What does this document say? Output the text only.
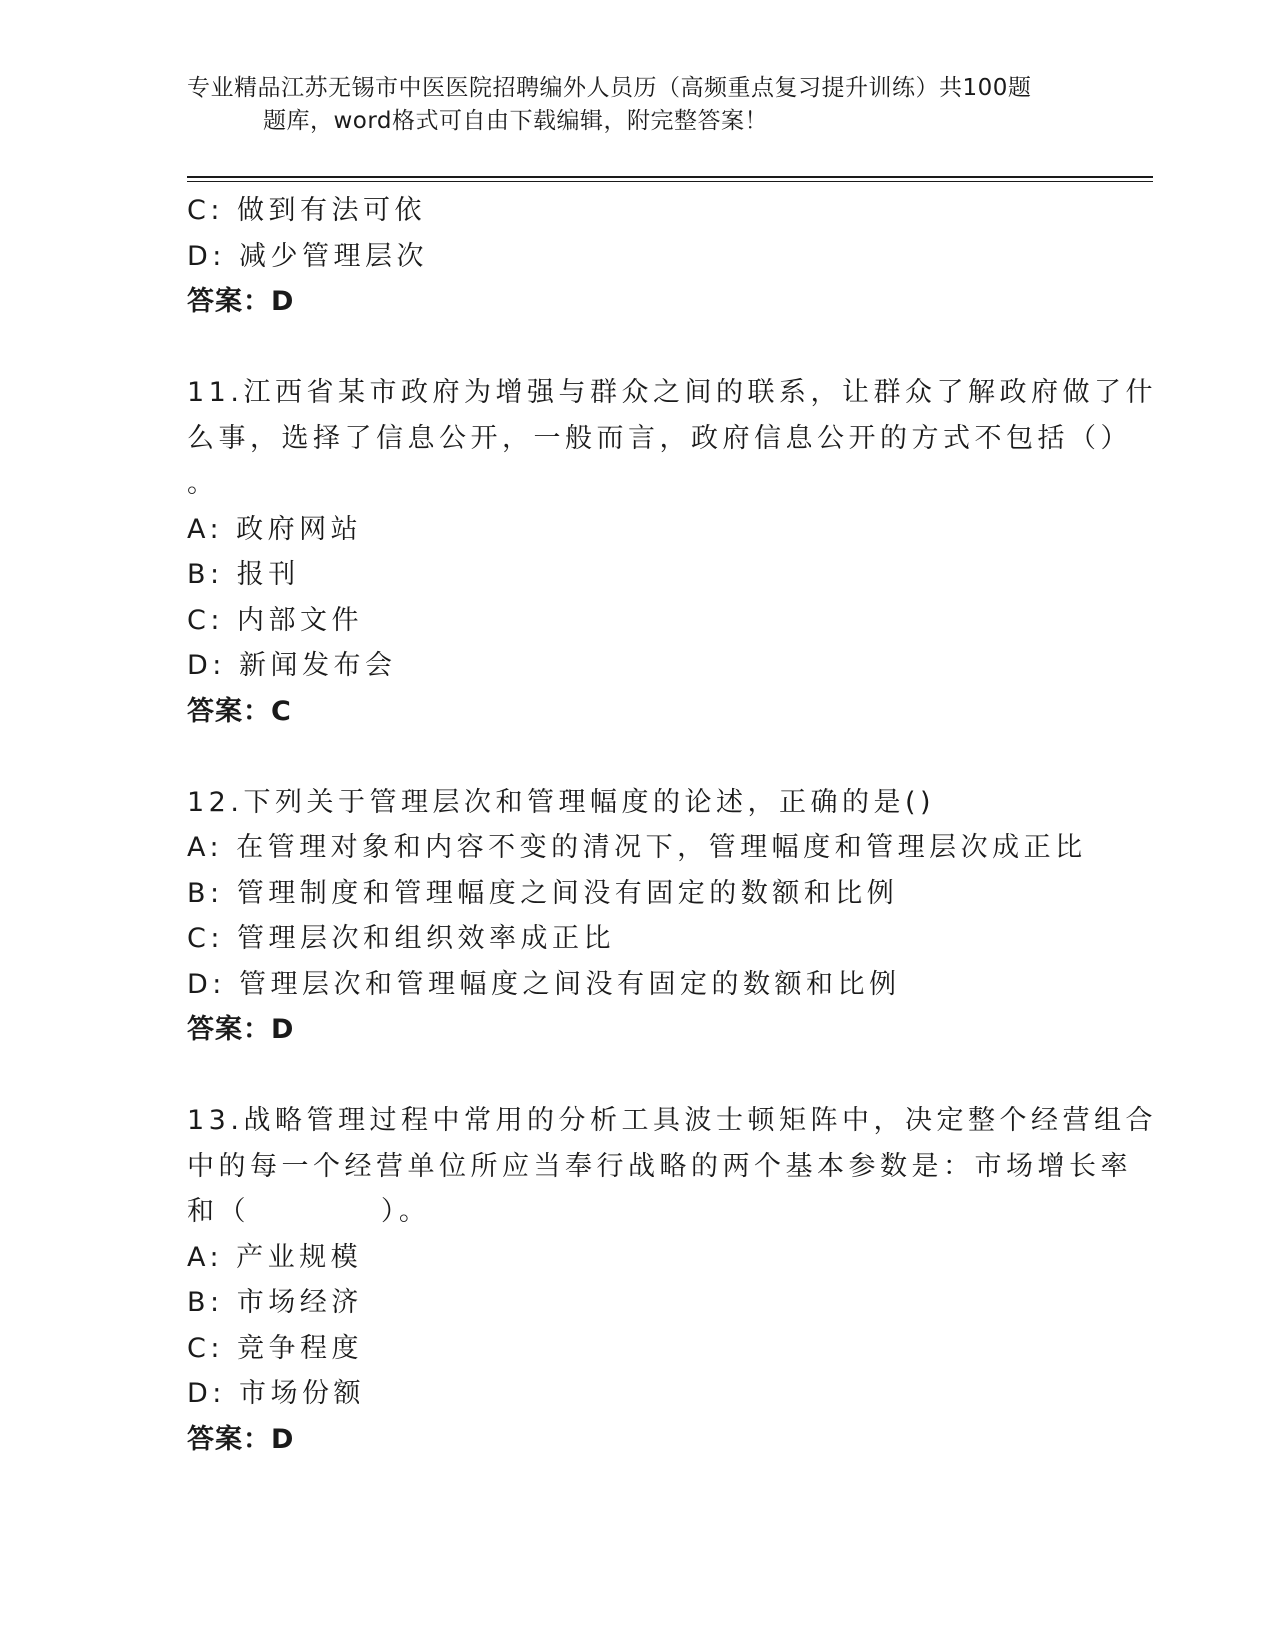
专业精品江苏无锡市中医医院招聘编外人员历（高频重点复习提升训练）共100题
题库，word格式可自由下载编辑，附完整答案！
C: 做到有法可依
D: 减少管理层次
答案：D
11.江西省某市政府为增强与群众之间的联系，让群众了解政府做了什
么事，选择了信息公开，一般而言，政府信息公开的方式不包括（）
。
A: 政府网站
B: 报刊
C: 内部文件
D: 新闻发布会
答案：C
12.下列关于管理层次和管理幅度的论述，正确的是()
A: 在管理对象和内容不变的清况下，管理幅度和管理层次成正比
B: 管理制度和管理幅度之间没有固定的数额和比例
C: 管理层次和组织效率成正比
D: 管理层次和管理幅度之间没有固定的数额和比例
答案：D
13.战略管理过程中常用的分析工具波士顿矩阵中，决定整个经营组合
中的每一个经营单位所应当奉行战略的两个基本参数是：市场增长率
和（          ）。
A: 产业规模
B: 市场经济
C: 竞争程度
D: 市场份额
答案：D
